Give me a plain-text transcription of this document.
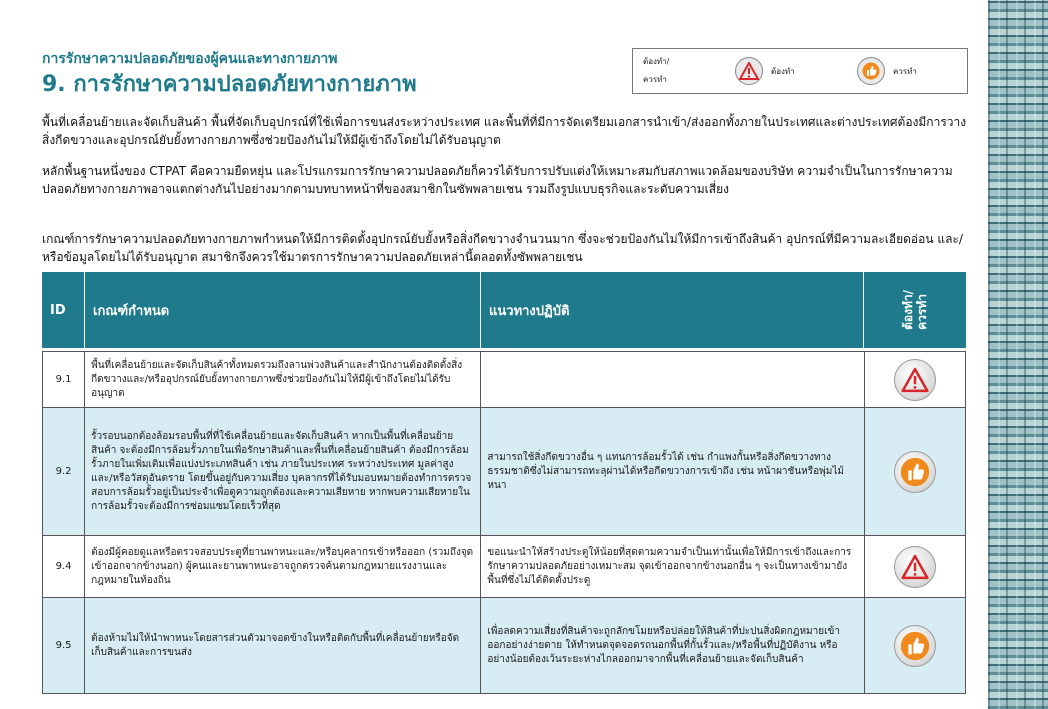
การรักษาความปลอดภัยของผู้คนและทางกายภาพ
9. การรักษาความปลอดภัยทางกายภาพ
ต้องทำ/
ควรทำ
ต้องทำ	ควรทำ
พื้นที่เคลื่อนย้ายและจัดเก็บสินค้า พื้นที่จัดเก็บอุปกรณ์ที่ใช้เพื่อการขนส่งระหว่างประเทศ และพื้นที่ที่มีการจัดเตรียมเอกสารนำเข้า/ส่งออกทั้งภายในประเทศและต่างประเทศต้องมีการวางสิ่งกีดขวางและอุปกรณ์ยับยั้งทางกายภาพซึ่งช่วยป้องกันไม่ให้มีผู้เข้าถึงโดยไม่ได้รับอนุญาต
หลักพื้นฐานหนึ่งของ CTPAT คือความยืดหยุ่น และโปรแกรมการรักษาความปลอดภัยก็ควรได้รับการปรับแต่งให้เหมาะสมกับสภาพแวดล้อมของบริษัท ความจำเป็นในการรักษาความปลอดภัยทางกายภาพอาจแตกต่างกันไปอย่างมากตามบทบาทหน้าที่ของสมาชิกในซัพพลายเชน รวมถึงรูปแบบธุรกิจและระดับความเสี่ยง
เกณฑ์การรักษาความปลอดภัยทางกายภาพกำหนดให้มีการติดตั้งอุปกรณ์ยับยั้งหรือสิ่งกีดขวางจำนวนมาก ซึ่งจะช่วยป้องกันไม่ให้มีการเข้าถึงสินค้า อุปกรณ์ที่มีความละเอียดอ่อน และ/หรือข้อมูลโดยไม่ได้รับอนุญาต สมาชิกจึงควรใช้มาตรการรักษาความปลอดภัยเหล่านี้ตลอดทั้งซัพพลายเชน
ID	เกณฑ์กำหนด	แนวทางปฏิบัติ	ต้องทำ/ ควรทำ
9.1	พื้นที่เคลื่อนย้ายและจัดเก็บสินค้าทั้งหมดรวมถึงลานพ่วงสินค้าและสำนักงานต้องติดตั้งสิ่งกีดขวางและ/หรืออุปกรณ์ยับยั้งทางกายภาพซึ่งช่วยป้องกันไม่ให้มีผู้เข้าถึงโดยไม่ได้รับอนุญาต		

9.2	รั้วรอบนอกต้องล้อมรอบพื้นที่ที่ใช้เคลื่อนย้ายและจัดเก็บสินค้า หากเป็นพื้นที่เคลื่อนย้ายสินค้า จะต้องมีการล้อมรั้วภายในเพื่อรักษาสินค้าและพื้นที่เคลื่อนย้ายสินค้า ต้องมีการล้อมรั้วภายในเพิ่มเติมเพื่อแบ่งประเภทสินค้า เช่น ภายในประเทศ ระหว่างประเทศ มูลค่าสูง และ/หรือวัสดุอันตราย โดยขึ้นอยู่กับความเสี่ยง บุคลากรที่ได้รับมอบหมายต้องทำการตรวจสอบการล้อมรั้วอยู่เป็นประจำเพื่อดูความถูกต้องและความเสียหาย หากพบความเสียหายในการล้อมรั้วจะต้องมีการซ่อมแซมโดยเร็วที่สุด	สามารถใช้สิ่งกีดขวางอื่น ๆ แทนการล้อมรั้วได้ เช่น กำแพงกั้นหรือสิ่งกีดขวางทางธรรมชาติซึ่งไม่สามารถทะลุผ่านได้หรือกีดขวางการเข้าถึง เช่น หน้าผาชันหรือพุ่มไม้หนา	

9.4	ต้องมีผู้คอยดูแลหรือตรวจสอบประตูที่ยานพาหนะและ/หรือบุคลากรเข้าหรือออก (รวมถึงจุดเข้าออกจากข้างนอก) ผู้คนและยานพาหนะอาจถูกตรวจค้นตามกฎหมายแรงงานและกฎหมายในท้องถิ่น	ขอแนะนำให้สร้างประตูให้น้อยที่สุดตามความจำเป็นเท่านั้นเพื่อให้มีการเข้าถึงและการรักษาความปลอดภัยอย่างเหมาะสม จุดเข้าออกจากข้างนอกอื่น ๆ จะเป็นทางเข้ามายังพื้นที่ซึ่งไม่ได้ติดตั้งประตู	

9.5	ต้องห้ามไม่ให้นำพาหนะโดยสารส่วนตัวมาจอดข้างในหรือติดกับพื้นที่เคลื่อนย้ายหรือจัดเก็บสินค้าและการขนส่ง	เพื่อลดความเสี่ยงที่สินค้าจะถูกลักขโมยหรือปล่อยให้สินค้าที่ปะปนสิ่งผิดกฎหมายเข้าออกอย่างง่ายดาย ให้ทำหนดจุดจอดรถนอกพื้นที่กั้นรั้วและ/หรือพื้นที่ปฏิบัติงาน หรืออย่างน้อยต้องเว้นระยะห่างไกลออกมาจากพื้นที่เคลื่อนย้ายและจัดเก็บสินค้า	
